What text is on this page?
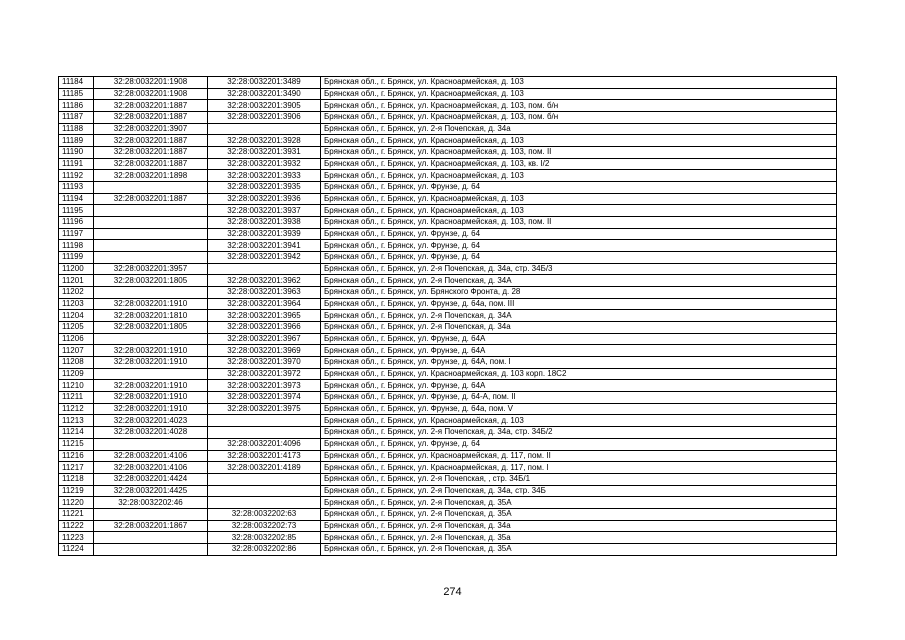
11184	32:28:0032201:1908	32:28:0032201:3489	Брянская обл., г. Брянск, ул. Красноармейская, д. 103
11185	32:28:0032201:1908	32:28:0032201:3490	Брянская обл., г. Брянск, ул. Красноармейская, д. 103
11186	32:28:0032201:1887	32:28:0032201:3905	Брянская обл., г. Брянск, ул. Красноармейская, д. 103, пом. б/н
11187	32:28:0032201:1887	32:28:0032201:3906	Брянская обл., г. Брянск, ул. Красноармейская, д. 103, пом. б/н
11188	32:28:0032201:3907		Брянская обл., г. Брянск, ул. 2-я Почепская, д. 34а
11189	32:28:0032201:1887	32:28:0032201:3928	Брянская обл., г. Брянск, ул. Красноармейская, д. 103
11190	32:28:0032201:1887	32:28:0032201:3931	Брянская обл., г. Брянск, ул. Красноармейская, д. 103, пом. II
11191	32:28:0032201:1887	32:28:0032201:3932	Брянская обл., г. Брянск, ул. Красноармейская, д. 103, кв. I/2
11192	32:28:0032201:1898	32:28:0032201:3933	Брянская обл., г. Брянск, ул. Красноармейская, д. 103
11193		32:28:0032201:3935	Брянская обл., г. Брянск, ул. Фрунзе, д. 64
11194	32:28:0032201:1887	32:28:0032201:3936	Брянская обл., г. Брянск, ул. Красноармейская, д. 103
11195		32:28:0032201:3937	Брянская обл., г. Брянск, ул. Красноармейская, д. 103
11196		32:28:0032201:3938	Брянская обл., г. Брянск, ул. Красноармейская, д. 103, пом. II
11197		32:28:0032201:3939	Брянская обл., г. Брянск, ул. Фрунзе, д. 64
11198		32:28:0032201:3941	Брянская обл., г. Брянск, ул. Фрунзе, д. 64
11199		32:28:0032201:3942	Брянская обл., г. Брянск, ул. Фрунзе, д. 64
11200	32:28:0032201:3957		Брянская обл., г. Брянск, ул. 2-я Почепская, д. 34а, стр. 34Б/3
11201	32:28:0032201:1805	32:28:0032201:3962	Брянская обл., г. Брянск, ул. 2-я Почепская, д. 34А
11202		32:28:0032201:3963	Брянская обл., г. Брянск, ул. Брянского Фронта, д. 28
11203	32:28:0032201:1910	32:28:0032201:3964	Брянская обл., г. Брянск, ул. Фрунзе, д. 64а, пом. III
11204	32:28:0032201:1810	32:28:0032201:3965	Брянская обл., г. Брянск, ул. 2-я Почепская, д. 34А
11205	32:28:0032201:1805	32:28:0032201:3966	Брянская обл., г. Брянск, ул. 2-я Почепская, д. 34а
11206		32:28:0032201:3967	Брянская обл., г. Брянск, ул. Фрунзе, д. 64А
11207	32:28:0032201:1910	32:28:0032201:3969	Брянская обл., г. Брянск, ул. Фрунзе, д. 64А
11208	32:28:0032201:1910	32:28:0032201:3970	Брянская обл., г. Брянск, ул. Фрунзе, д. 64А, пом. I
11209		32:28:0032201:3972	Брянская обл., г. Брянск, ул. Красноармейская, д. 103 корп. 18С2
11210	32:28:0032201:1910	32:28:0032201:3973	Брянская обл., г. Брянск, ул. Фрунзе, д. 64А
11211	32:28:0032201:1910	32:28:0032201:3974	Брянская обл., г. Брянск, ул. Фрунзе, д. 64-А, пом. II
11212	32:28:0032201:1910	32:28:0032201:3975	Брянская обл., г. Брянск, ул. Фрунзе, д. 64а, пом. V
11213	32:28:0032201:4023		Брянская обл., г. Брянск, ул. Красноармейская, д. 103
11214	32:28:0032201:4028		Брянская обл., г. Брянск, ул. 2-я Почепская, д. 34а, стр. 34Б/2
11215		32:28:0032201:4096	Брянская обл., г. Брянск, ул. Фрунзе, д. 64
11216	32:28:0032201:4106	32:28:0032201:4173	Брянская обл., г. Брянск, ул. Красноармейская, д. 117, пом. II
11217	32:28:0032201:4106	32:28:0032201:4189	Брянская обл., г. Брянск, ул. Красноармейская, д. 117, пом. I
11218	32:28:0032201:4424		Брянская обл., г. Брянск, ул. 2-я Почепская, , стр. 34Б/1
11219	32:28:0032201:4425		Брянская обл., г. Брянск, ул. 2-я Почепская, д. 34а, стр. 34Б
11220	32:28:0032202:46		Брянская обл., г. Брянск, ул. 2-я Почепская, д. 35А
11221		32:28:0032202:63	Брянская обл., г. Брянск, ул. 2-я Почепская, д. 35А
11222	32:28:0032201:1867	32:28:0032202:73	Брянская обл., г. Брянск, ул. 2-я Почепская, д. 34а
11223		32:28:0032202:85	Брянская обл., г. Брянск, ул. 2-я Почепская, д. 35а
11224		32:28:0032202:86	Брянская обл., г. Брянск, ул. 2-я Почепская, д. 35А
274
